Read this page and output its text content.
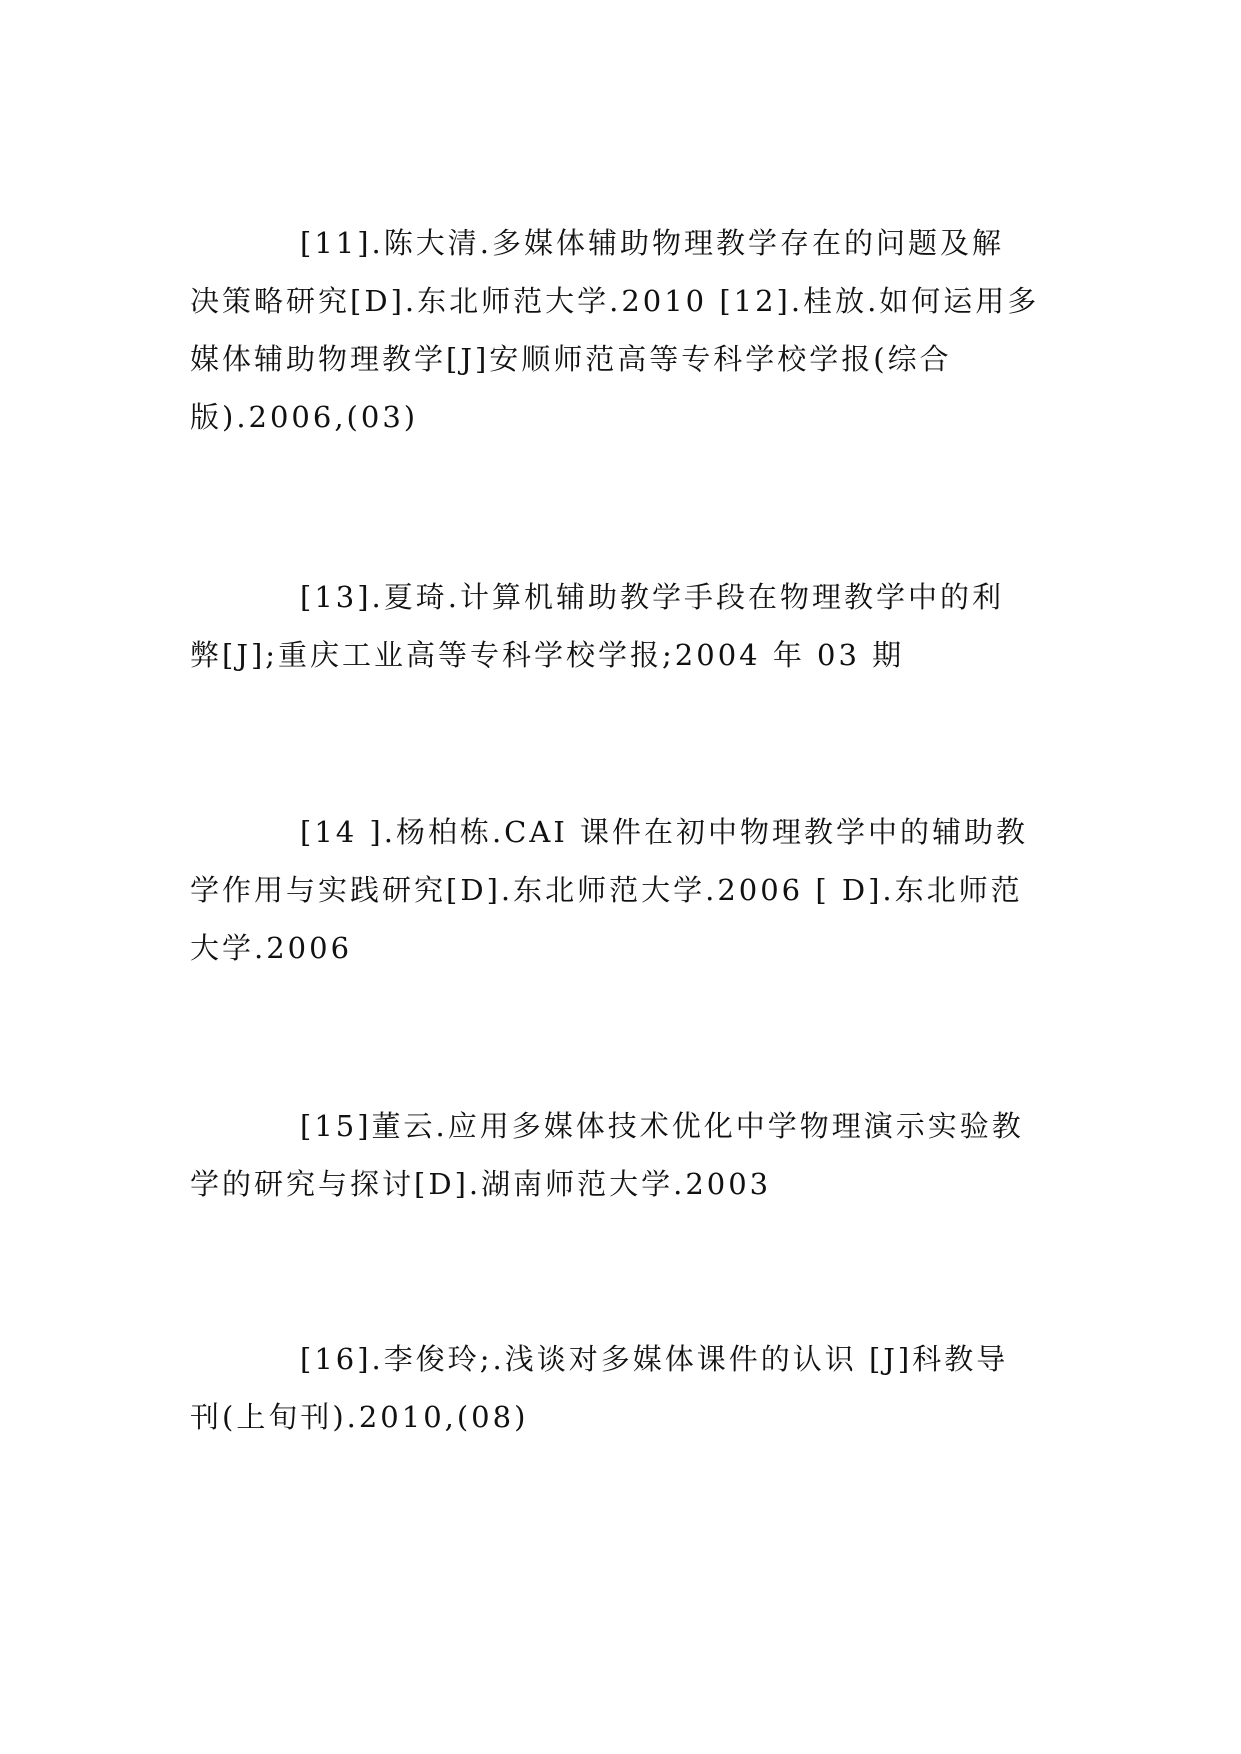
[11].陈大清.多媒体辅助物理教学存在的问题及解
决策略研究[D].东北师范大学.2010 [12].桂放.如何运用多
媒体辅助物理教学[J]安顺师范高等专科学校学报(综合
版).2006,(03)
[13].夏琦.计算机辅助教学手段在物理教学中的利
弊[J];重庆工业高等专科学校学报;2004 年 03 期
[14 ].杨柏栋.CAI 课件在初中物理教学中的辅助教
学作用与实践研究[D].东北师范大学.2006 [ D].东北师范
大学.2006
[15]董云.应用多媒体技术优化中学物理演示实验教
学的研究与探讨[D].湖南师范大学.2003
[16].李俊玲;.浅谈对多媒体课件的认识 [J]科教导
刊(上旬刊).2010,(08)
